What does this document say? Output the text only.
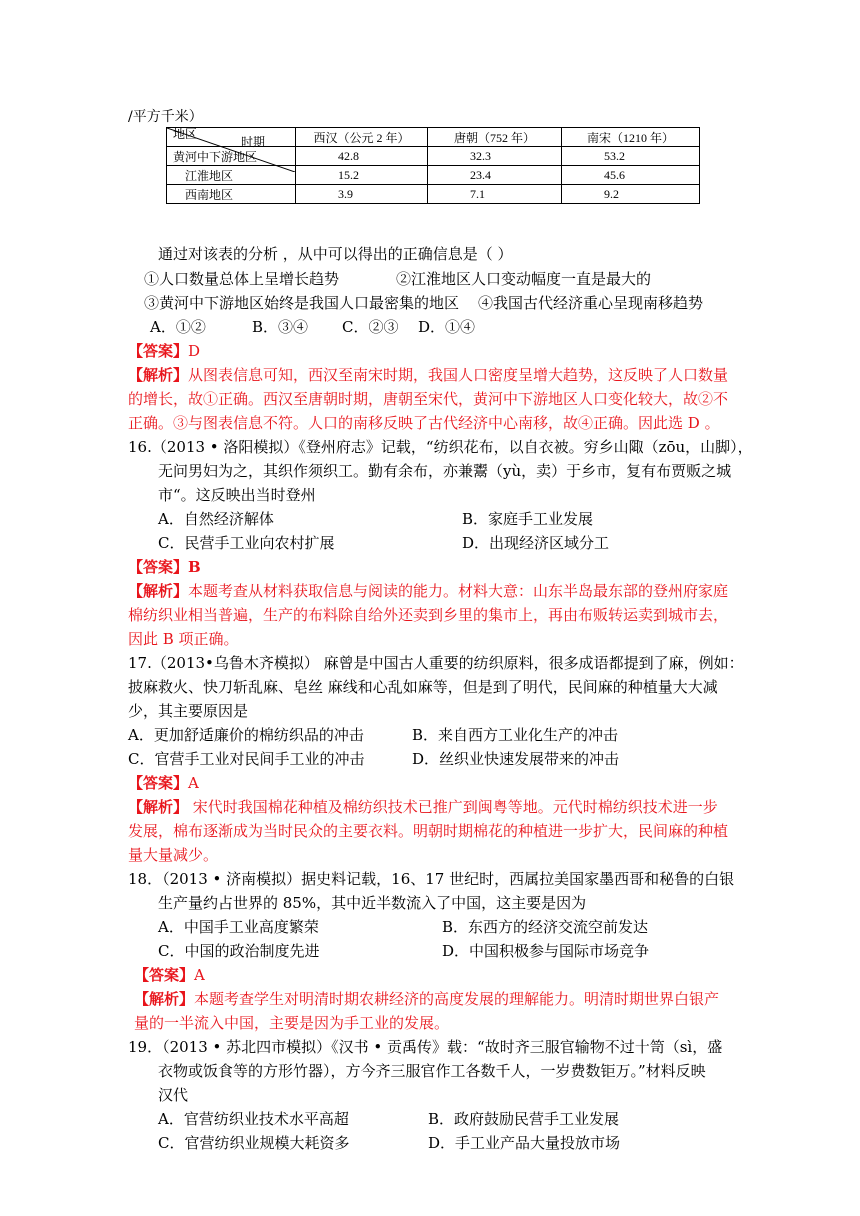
/平方千米）
时期
地区	西汉（公元 2 年）	唐朝（752 年）	南宋（1210 年）
黄河中下游地区	42.8	32.3	53.2
江淮地区	15.2	23.4	45.6
西南地区	3.9	7.1	9.2
通过对该表的分析 ，从中可以得出的正确信息是（ ）
①人口数量总体上呈增长趋势	②江淮地区人口变动幅度一直是最大的
③黄河中下游地区始终是我国人口最密集的地区 ④我国古代经济重心呈现南移趋势
A．①②	B．③④ C．②③ D．①④
【答案】D
【解析】从图表信息可知，西汉至南宋时期，我国人口密度呈增大趋势，这反映了人口数量
的增长，故①正确。西汉至唐朝时期，唐朝至宋代，黄河中下游地区人口变化较大，故②不
正确。③与图表信息不符。人口的南移反映了古代经济中心南移，故④正确。因此选 D 。
16.（2013 • 洛阳模拟）《登州府志》记载，“纺织花布，以自衣被。穷乡山陬（zōu，山脚），
无问男妇为之，其织作须织工。勤有余布，亦兼鬻（yù，卖）于乡市，复有布贾贩之城
市“。这反映出当时登州
A．自然经济解体	B．家庭手工业发展
C．民营手工业向农村扩展	D．出现经济区域分工
【答案】B
【解析】本题考查从材料获取信息与阅读的能力。材料大意：山东半岛最东部的登州府家庭
棉纺织业相当普遍，生产的布料除自给外还卖到乡里的集市上，再由布贩转运卖到城市去，
因此 B 项正确。
17.（2013•乌鲁木齐模拟） 麻曾是中国古人重要的纺织原料，很多成语都提到了麻，例如：
披麻救火、快刀斩乱麻、皂丝 麻线和心乱如麻等，但是到了明代，民间麻的种植量大大减
少，其主要原因是
A．更加舒适廉价的棉纺织品的冲击	B．来自西方工业化生产的冲击
C．官营手工业对民间手工业的冲击	D．丝织业快速发展带来的冲击
【答案】A
【解析】 宋代时我国棉花种植及棉纺织技术已推广到闽粤等地。元代时棉纺织技术进一步
发展，棉布逐渐成为当时民众的主要衣料。明朝时期棉花的种植进一步扩大，民间麻的种植
量大量减少。
18．（2013 • 济南模拟）据史料记载，16、17 世纪时，西属拉美国家墨西哥和秘鲁的白银
生产量约占世界的 85%，其中近半数流入了中国，这主要是因为
A．中国手工业高度繁荣	B．东西方的经济交流空前发达
C．中国的政治制度先进	D．中国积极参与国际市场竞争
【答案】A
【解析】本题考查学生对明清时期农耕经济的高度发展的理解能力。明清时期世界白银产
量的一半流入中国，主要是因为手工业的发展。
19．（2013 • 苏北四市模拟）《汉书 • 贡禹传》载：“故时齐三服官输物不过十笥（sì，盛
衣物或饭食等的方形竹器），方今齐三服官作工各数千人，一岁费数钜万。”材料反映
汉代
A．官营纺织业技术水平高超	B．政府鼓励民营手工业发展
C．官营纺织业规模大耗资多	D．手工业产品大量投放市场
